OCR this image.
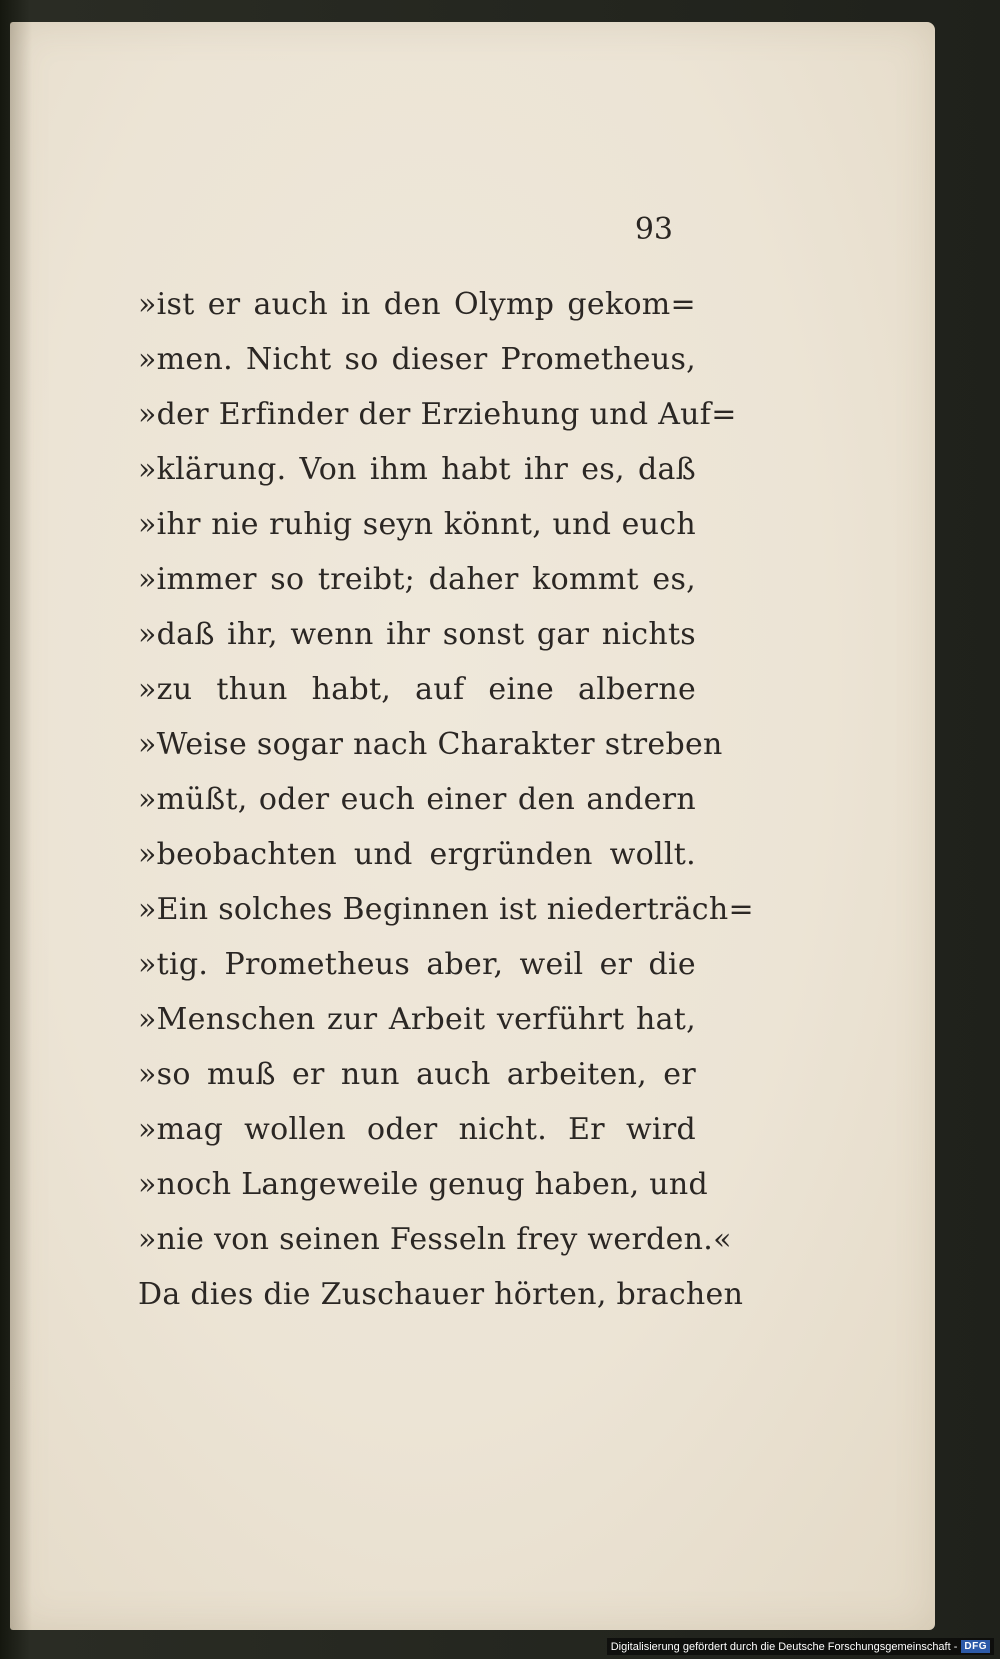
93

»ist er auch in den Olymp gekom=
»men. Nicht so dieser Prometheus,
»der Erfinder der Erziehung und Auf=
»klärung. Von ihm habt ihr es, daß
»ihr nie ruhig seyn könnt, und euch
»immer so treibt; daher kommt es,
»daß ihr, wenn ihr sonst gar nichts
»zu thun habt, auf eine alberne
»Weise sogar nach Charakter streben
»müßt, oder euch einer den andern
»beobachten und ergründen wollt.
»Ein solches Beginnen ist niederträch=
»tig. Prometheus aber, weil er die
»Menschen zur Arbeit verführt hat,
»so muß er nun auch arbeiten, er
»mag wollen oder nicht. Er wird
»noch Langeweile genug haben, und
»nie von seinen Fesseln frey werden.«
Da dies die Zuschauer hörten, brachen
Digitalisierung gefördert durch die Deutsche Forschungsgemeinschaft - DFG
